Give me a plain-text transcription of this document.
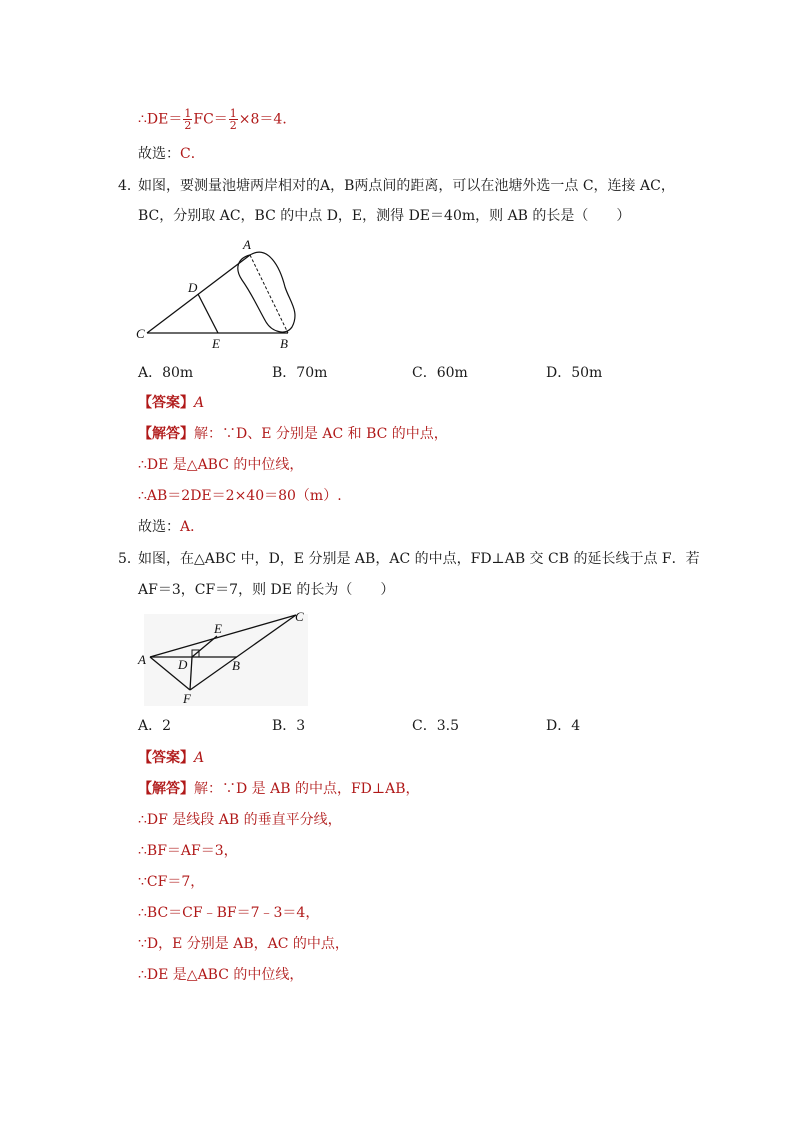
∴DE＝ $\frac{1}{2} FC= \frac{1}{2} \times 8=4$．
故选：C．
4．
如图，要测量池塘两岸相对的A，B两点间的距离，可以在池塘外选一点 C，连接 AC，
BC，分别取 AC，BC 的中点 D，E，测得 DE＝40m，则 AB 的长是（　　）
A
B
C
D
E
A．80m	B．70m	C．60m	D．50m
【答案】A
【解答】解：∵D、E 分别是 AC 和 BC 的中点，
∴DE 是△ABC 的中位线，
∴AB＝2DE＝2×40＝80（m）.
故选：A．
5．
如图，在△ABC 中，D，E 分别是 AB，AC 的中点，FD⊥AB 交 CB 的延长线于点 F．若
AF＝3，CF＝7，则 DE 的长为（　　）
A	B
C
D
E
F
A．2	B．3	C．3.5	D．4
【答案】A
【解答】解：∵D 是 AB 的中点，FD⊥AB，
∴DF 是线段 AB 的垂直平分线，
∴BF＝AF＝3，
∵CF＝7，
∴BC＝CF﹣BF＝7﹣3＝4，
∵D，E 分别是 AB，AC 的中点，
∴DE 是△ABC 的中位线，
